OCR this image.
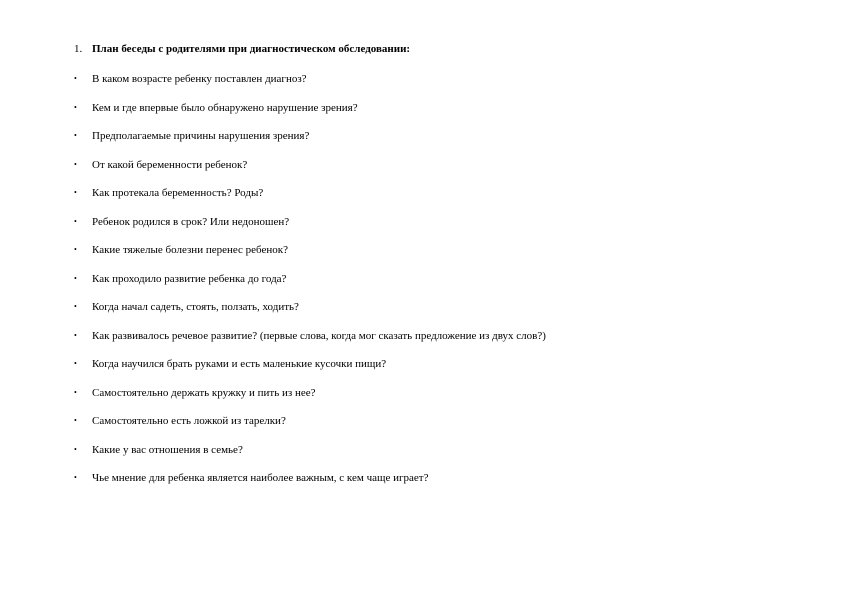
1. План беседы с родителями при диагностическом обследовании:
•	В каком возрасте ребенку поставлен диагноз?
•	Кем и где впервые было обнаружено нарушение зрения?
•	Предполагаемые причины нарушения зрения?
•	От какой беременности ребенок?
•	Как протекала беременность? Роды?
•	Ребенок родился в срок? Или недоношен?
•	Какие тяжелые болезни перенес ребенок?
•	Как проходило развитие ребенка до года?
•	Когда начал садеть, стоять, ползать, ходить?
•	Как развивалось речевое развитие? (первые слова, когда мог сказать предложение из двух слов?)
•	Когда научился брать руками и есть маленькие кусочки пищи?
•	Самостоятельно держать кружку и пить из нее?
•	Самостоятельно есть ложкой из тарелки?
•	Какие у вас отношения в семье?
•	Чье мнение для ребенка является наиболее важным, с кем чаще играет?
